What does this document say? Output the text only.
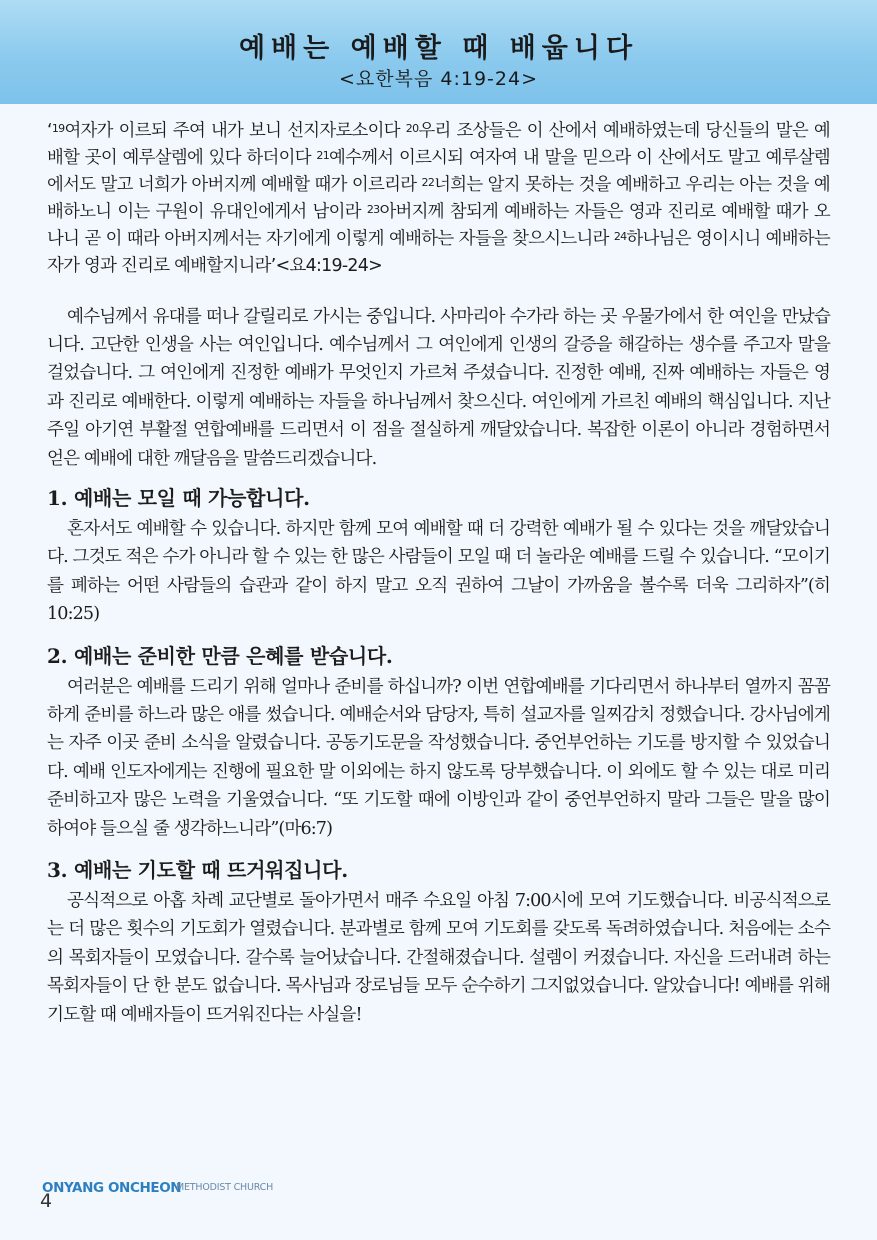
예배는 예배할 때 배웁니다
<요한복음 4:19-24>

‘$^{19}$여자가 이르되 주여 내가 보니 선지자로소이다 $^{20}$우리 조상들은 이 산에서 예배하였는데 당신들의 말은 예배할 곳이 예루살렘에 있다 하더이다 $^{21}$예수께서 이르시되 여자여 내 말을 믿으라 이 산에서도 말고 예루살렘에서도 말고 너희가 아버지께 예배할 때가 이르리라 $^{22}$너희는 알지 못하는 것을 예배하고 우리는 아는 것을 예배하노니 이는 구원이 유대인에게서 남이라 $^{23}$아버지께 참되게 예배하는 자들은 영과 진리로 예배할 때가 오나니 곧 이 때라 아버지께서는 자기에게 이렇게 예배하는 자들을 찾으시느니라 $^{24}$하나님은 영이시니 예배하는 자가 영과 진리로 예배할지니라’<요4:19-24>

예수님께서 유대를 떠나 갈릴리로 가시는 중입니다. 사마리아 수가라 하는 곳 우물가에서 한 여인을 만났습니다. 고단한 인생을 사는 여인입니다. 예수님께서 그 여인에게 인생의 갈증을 해갈하는 생수를 주고자 말을 걸었습니다. 그 여인에게 진정한 예배가 무엇인지 가르쳐 주셨습니다. 진정한 예배, 진짜 예배하는 자들은 영과 진리로 예배한다. 이렇게 예배하는 자들을 하나님께서 찾으신다. 여인에게 가르친 예배의 핵심입니다. 지난주일 아기연 부활절 연합예배를 드리면서 이 점을 절실하게 깨달았습니다. 복잡한 이론이 아니라 경험하면서 얻은 예배에 대한 깨달음을 말씀드리겠습니다.

1. 예배는 모일 때 가능합니다.

혼자서도 예배할 수 있습니다. 하지만 함께 모여 예배할 때 더 강력한 예배가 될 수 있다는 것을 깨달았습니다. 그것도 적은 수가 아니라 할 수 있는 한 많은 사람들이 모일 때 더 놀라운 예배를 드릴 수 있습니다. “모이기를 폐하는 어떤 사람들의 습관과 같이 하지 말고 오직 권하여 그날이 가까움을 볼수록 더욱 그리하자”(히10:25)

2. 예배는 준비한 만큼 은혜를 받습니다.

여러분은 예배를 드리기 위해 얼마나 준비를 하십니까? 이번 연합예배를 기다리면서 하나부터 열까지 꼼꼼하게 준비를 하느라 많은 애를 썼습니다. 예배순서와 담당자, 특히 설교자를 일찌감치 정했습니다. 강사님에게는 자주 이곳 준비 소식을 알렸습니다. 공동기도문을 작성했습니다. 중언부언하는 기도를 방지할 수 있었습니다. 예배 인도자에게는 진행에 필요한 말 이외에는 하지 않도록 당부했습니다. 이 외에도 할 수 있는 대로 미리 준비하고자 많은 노력을 기울였습니다. “또 기도할 때에 이방인과 같이 중언부언하지 말라 그들은 말을 많이 하여야 들으실 줄 생각하느니라”(마6:7)

3. 예배는 기도할 때 뜨거워집니다.

공식적으로 아홉 차례 교단별로 돌아가면서 매주 수요일 아침 7:00시에 모여 기도했습니다. 비공식적으로는 더 많은 횟수의 기도회가 열렸습니다. 분과별로 함께 모여 기도회를 갖도록 독려하였습니다. 처음에는 소수의 목회자들이 모였습니다. 갈수록 늘어났습니다. 간절해졌습니다. 설렘이 커졌습니다. 자신을 드러내려 하는 목회자들이 단 한 분도 없습니다. 목사님과 장로님들 모두 순수하기 그지없었습니다. 알았습니다! 예배를 위해 기도할 때 예배자들이 뜨거워진다는 사실을!

4
ONYANG ONCHEON
METHODIST CHURCH
